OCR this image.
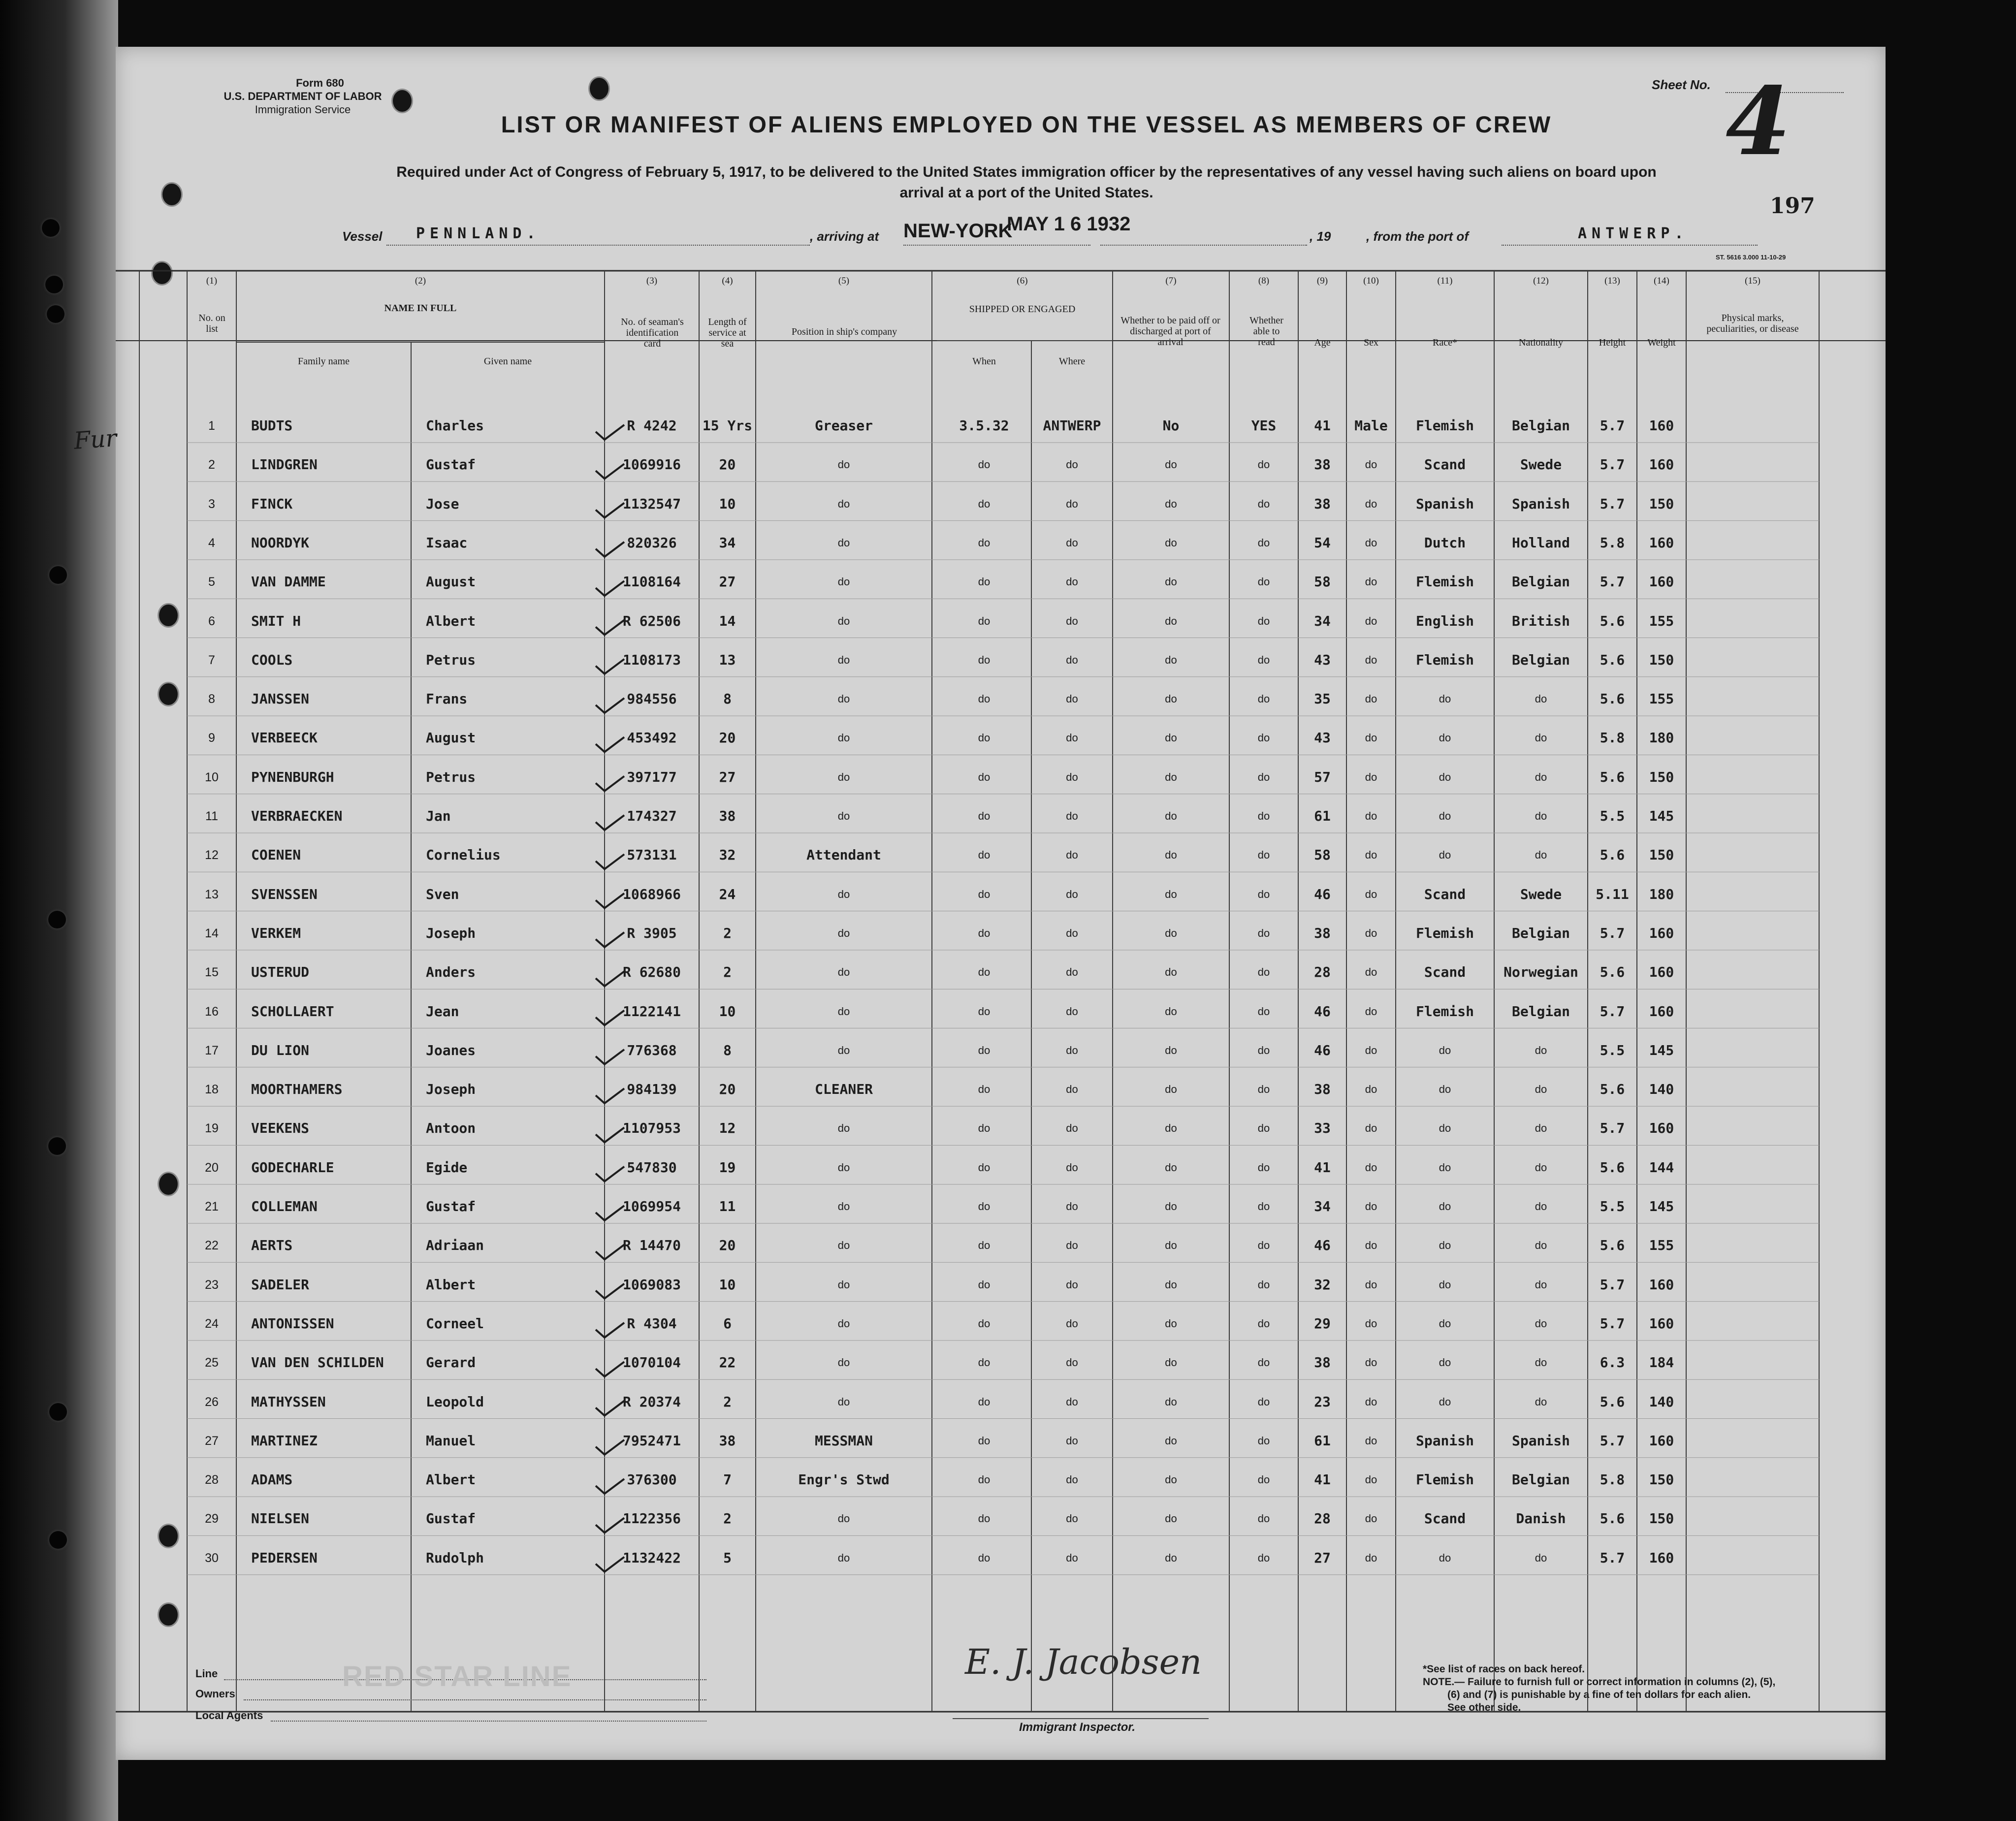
Form 680
U.S. DEPARTMENT OF LABOR
Immigration Service
Sheet No. 4
197
LIST OR MANIFEST OF ALIENS EMPLOYED ON THE VESSEL AS MEMBERS OF CREW
Required under Act of Congress of February 5, 1917, to be delivered to the United States immigration officer by the representatives of any vessel having such aliens on board upon
arrival at a port of the United States.
Vessel PENNLAND.	, arriving at NEW-YORK
MAY 1 6 1932
, 19	, from the port of	ANTWERP.
ST. 5616 3.000 11-10-29
(1)	(2)	(3)	(4)	(5)	(6)	(7)	(8)	(9)	(10)	(11)	(12)	(13)	(14)	(15)
No. on list
NAME IN FULL
Family name	Given name
No. of seaman's identification card
Length of service at sea
Position in ship's company
SHIPPED OR ENGAGED
When	Where
Whether to be paid off or discharged at port of arrival
Whether able to read	Age	Sex	Race*	Nationality	Height	Weight
Physical marks, peculiarities, or disease
1	BUDTS	Charles	R 4242	15 Yrs	Greaser	3.5.32	ANTWERP	No	YES	41	Male	Flemish	Belgian	5.7	160
2	LINDGREN	Gustaf	1069916	20	do	do	do	do	do	38	do	Scand	Swede	5.7	160
3	FINCK	Jose	1132547	10	do	do	do	do	do	38	do	Spanish	Spanish	5.7	150
4	NOORDYK	Isaac	820326	34	do	do	do	do	do	54	do	Dutch	Holland	5.8	160
5	VAN DAMME	August	1108164	27	do	do	do	do	do	58	do	Flemish	Belgian	5.7	160
6	SMIT H	Albert	R 62506	14	do	do	do	do	do	34	do	English	British	5.6	155
7	COOLS	Petrus	1108173	13	do	do	do	do	do	43	do	Flemish	Belgian	5.6	150
8	JANSSEN	Frans	984556	8	do	do	do	do	do	35	do	do	do	5.6	155
9	VERBEECK	August	453492	20	do	do	do	do	do	43	do	do	do	5.8	180
10	PYNENBURGH	Petrus	397177	27	do	do	do	do	do	57	do	do	do	5.6	150
11	VERBRAECKEN	Jan	174327	38	do	do	do	do	do	61	do	do	do	5.5	145
12	COENEN	Cornelius	573131	32	Attendant	do	do	do	do	58	do	do	do	5.6	150
13	SVENSSEN	Sven	1068966	24	do	do	do	do	do	46	do	Scand	Swede	5.11	180
14	VERKEM	Joseph	R 3905	2	do	do	do	do	do	38	do	Flemish	Belgian	5.7	160
15	USTERUD	Anders	R 62680	2	do	do	do	do	do	28	do	Scand	Norwegian	5.6	160
16	SCHOLLAERT	Jean	1122141	10	do	do	do	do	do	46	do	Flemish	Belgian	5.7	160
17	DU LION	Joanes	776368	8	do	do	do	do	do	46	do	do	do	5.5	145
18	MOORTHAMERS	Joseph	984139	20	CLEANER	do	do	do	do	38	do	do	do	5.6	140
19	VEEKENS	Antoon	1107953	12	do	do	do	do	do	33	do	do	do	5.7	160
20	GODECHARLE	Egide	547830	19	do	do	do	do	do	41	do	do	do	5.6	144
21	COLLEMAN	Gustaf	1069954	11	do	do	do	do	do	34	do	do	do	5.5	145
22	AERTS	Adriaan	R 14470	20	do	do	do	do	do	46	do	do	do	5.6	155
23	SADELER	Albert	1069083	10	do	do	do	do	do	32	do	do	do	5.7	160
24	ANTONISSEN	Corneel	R 4304	6	do	do	do	do	do	29	do	do	do	5.7	160
25	VAN DEN SCHILDEN	Gerard	1070104	22	do	do	do	do	do	38	do	do	do	6.3	184
26	MATHYSSEN	Leopold	R 20374	2	do	do	do	do	do	23	do	do	do	5.6	140
27	MARTINEZ	Manuel	7952471	38	MESSMAN	do	do	do	do	61	do	Spanish	Spanish	5.7	160
28	ADAMS	Albert	376300	7	Engr's Stwd	do	do	do	do	41	do	Flemish	Belgian	5.8	150
29	NIELSEN	Gustaf	1122356	2	do	do	do	do	do	28	do	Scand	Danish	5.6	150
30	PEDERSEN	Rudolph	1132422	5	do	do	do	do	do	27	do	do	do	5.7	160
Line	RED STAR LINE
Owners
Local Agents
E. J. Jacobsen
Immigrant Inspector.
*See list of races on back hereof.
NOTE.— Failure to furnish full or correct information in columns (2), (5),
(6) and (7) is punishable by a fine of ten dollars for each alien.
See other side.
Fur
